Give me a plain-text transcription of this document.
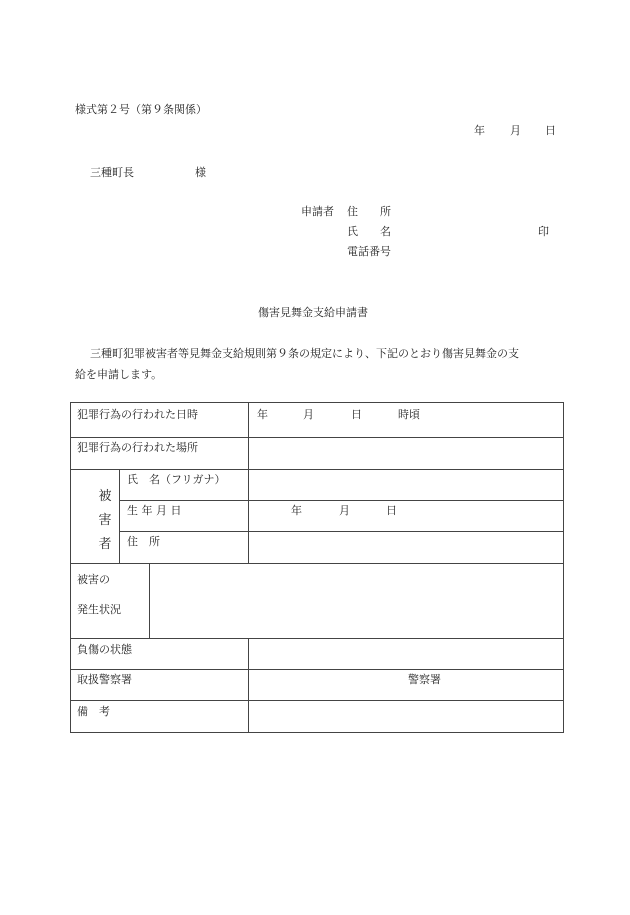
様式第２号（第９条関係）
年 月 日
三種町長	様
申請者 住　　所
氏　　名	印
電話番号
傷害見舞金支給申請書
三種町犯罪被害者等見舞金支給規則第９条の規定により、下記のとおり傷害見舞金の支
給を申請します。
犯罪行為の行われた日時	年	月	日	時頃
犯罪行為の行われた場所
被
害
者
氏　名（フリガナ）
生 年 月 日	年	月	日
住　所
被害の
発生状況
負傷の状態
取扱警察署	警察署
備　考
